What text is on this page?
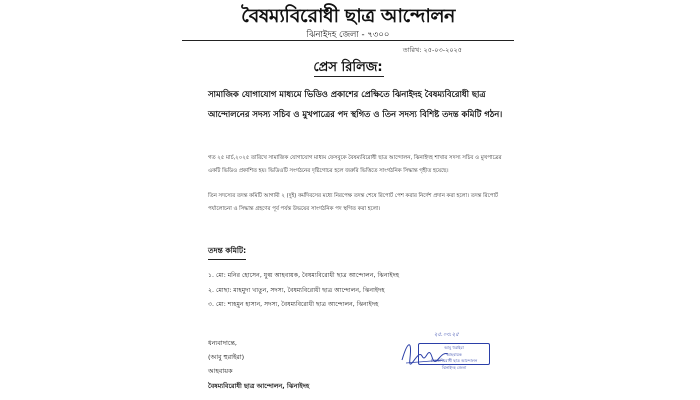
বৈষম্যবিরোধী ছাত্র আন্দোলন
ঝিনাইদহ জেলা - ৭৩০০
তারিখ: ২৫-০৩-২০২৫
প্রেস রিলিজ:
সামাজিক যোগাযোগ মাধ্যমে ভিডিও প্রকাশের প্রেক্ষিতে ঝিনাইদহ বৈষম্যবিরোধী ছাত্র আন্দোলনের সদস্য সচিব ও মুখপাত্রের পদ স্থগিত ও তিন সদস্য বিশিষ্ট তদন্ত কমিটি গঠন।
গত ২৫ মার্চ,২০২৫ তারিখে সামাজিক যোগাযোগ মাধ্যম ফেসবুকে বৈষম্যবিরোধী ছাত্র আন্দোলন, ঝিনাইদহ শাখার সদস্য সচিব ও মুখপাত্রের একটি ভিডিও প্রকাশিত হয়। ভিডিওটি সংগঠনের দৃষ্টিগোচর হলে জরুরি ভিত্তিতে সাংগঠনিক সিদ্ধান্ত গৃহীত হয়েছে।
তিন সদস্যের তদন্ত কমিটি আগামী ২ (দুই) কর্মদিবসের মধ্যে নিরপেক্ষ তদন্ত শেষে রিপোর্ট পেশ করার নির্দেশ প্রদান করা হলো। তদন্ত রিপোর্ট পর্যালোচনা ও সিদ্ধান্ত গ্রহণের পূর্ব পর্যন্ত উভয়ের সাংগঠনিক পদ স্থগিত করা হলো।
তদন্ত কমিটি:
১. মো: মনির হোসেন, যুগ্ম আহবায়ক, বৈষম্যবিরোধী ছাত্র আন্দোলন, ঝিনাইদহ
২. মোছা: মাহমুদা খাতুন, সদস্য, বৈষম্যবিরোধী ছাত্র আন্দোলন, ঝিনাইদহ
৩. মো: শাহমুন হাসান, সদস্য, বৈষম্যবিরোধী ছাত্র আন্দোলন, ঝিনাইদহ
ধন্যবাদান্তে,
(আবু হুরাইরা)
আহবায়ক
বৈষম্যবিরোধী ছাত্র আন্দোলন, ঝিনাইদহ
২৫.০৩.২৫
আবু হুরাইরা
আহবায়ক
বৈষম্যবিরোধী ছাত্র আন্দোলন
ঝিনাইদহ জেলা
